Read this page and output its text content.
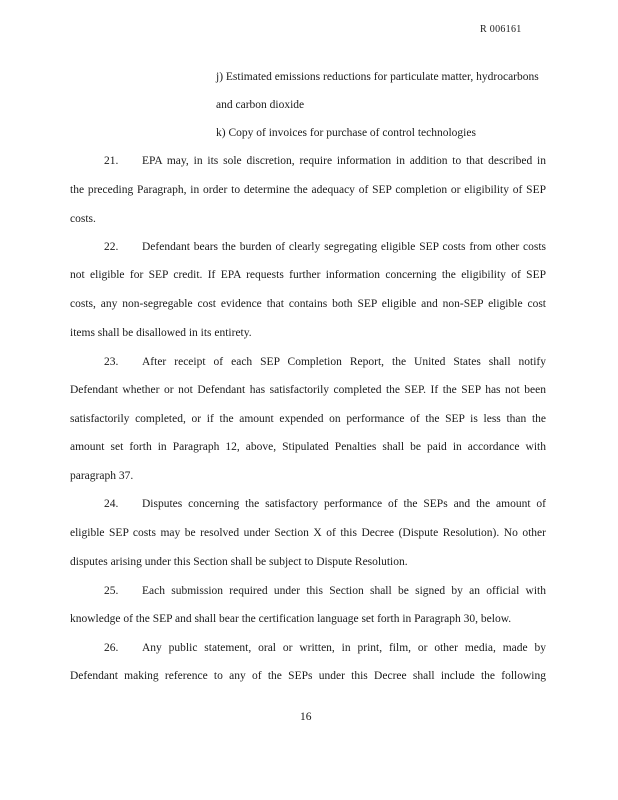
R 006161
j) Estimated emissions reductions for particulate matter, hydrocarbons
and carbon dioxide
k) Copy of invoices for purchase of control technologies
21.	EPA may, in its sole discretion, require information in addition to that described in
the preceding Paragraph, in order to determine the adequacy of SEP completion or eligibility of SEP
costs.
22.	Defendant bears the burden of clearly segregating eligible SEP costs from other costs
not eligible for SEP credit. If EPA requests further information concerning the eligibility of SEP
costs, any non-segregable cost evidence that contains both SEP eligible and non-SEP eligible cost
items shall be disallowed in its entirety.
23.	After receipt of each SEP Completion Report, the United States shall notify
Defendant whether or not Defendant has satisfactorily completed the SEP. If the SEP has not been
satisfactorily completed, or if the amount expended on performance of the SEP is less than the
amount set forth in Paragraph 12, above, Stipulated Penalties shall be paid in accordance with
paragraph 37.
24.	Disputes concerning the satisfactory performance of the SEPs and the amount of
eligible SEP costs may be resolved under Section X of this Decree (Dispute Resolution). No other
disputes arising under this Section shall be subject to Dispute Resolution.
25.	Each submission required under this Section shall be signed by an official with
knowledge of the SEP and shall bear the certification language set forth in Paragraph 30, below.
26.	Any public statement, oral or written, in print, film, or other media, made by
Defendant making reference to any of the SEPs under this Decree shall include the following
16
